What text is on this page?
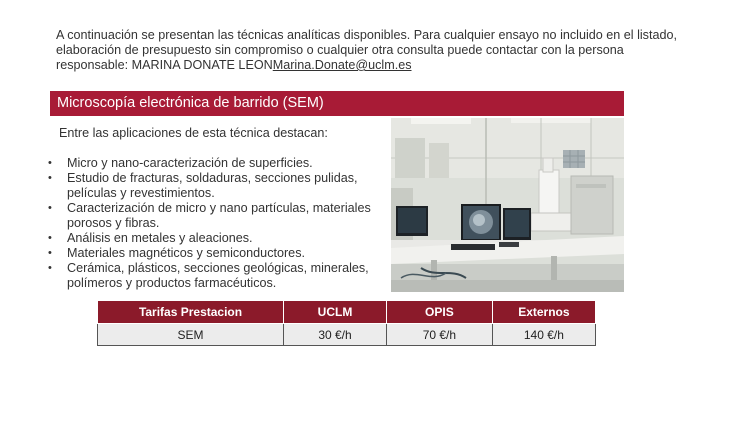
A continuación se presentan las técnicas analíticas disponibles. Para cualquier ensayo no incluido en el listado, elaboración de presupuesto sin compromiso o cualquier otra consulta puede contactar con la persona responsable: MARINA DONATE LEONMarina.Donate@uclm.es
Microscopía electrónica de barrido (SEM)
Entre las aplicaciones de esta técnica destacan:
• Micro y nano-caracterización de superficies.
• Estudio de fracturas, soldaduras, secciones pulidas, películas y revestimientos.
• Caracterización de micro y nano partículas, materiales porosos y fibras.
• Análisis en metales y aleaciones.
• Materiales magnéticos y semiconductores.
• Cerámica, plásticos, secciones geológicas, minerales, polímeros y productos farmacéuticos.
Tarifas Prestacion	UCLM	OPIS	Externos
SEM	30 €/h	70 €/h	140 €/h
